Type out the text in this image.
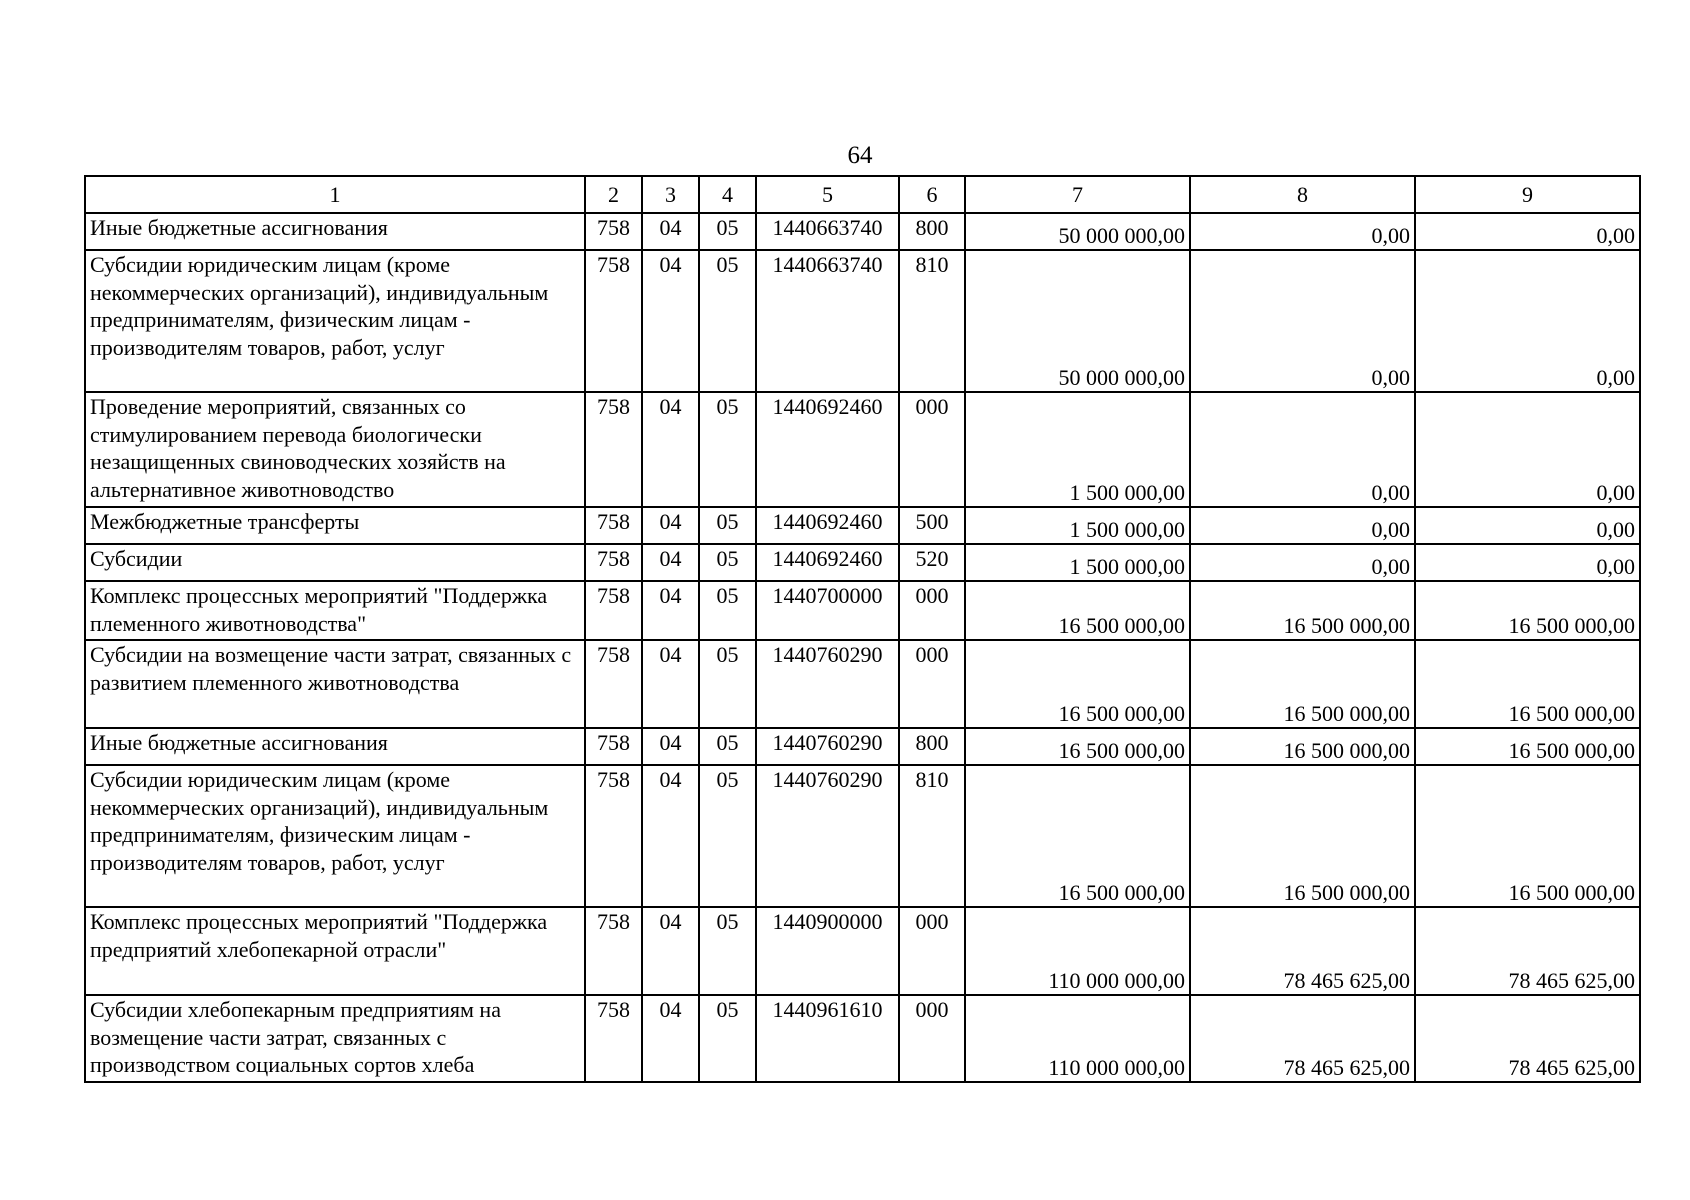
64
1	2	3	4	5	6	7	8	9
Иные бюджетные ассигнования	758	04	05	1440663740	800	50 000 000,00	0,00	0,00
Субсидии юридическим лицам (кроме некоммерческих организаций), индивидуальным предпринимателям, физическим лицам - производителям товаров, работ, услуг	758	04	05	1440663740	810	50 000 000,00	0,00	0,00
Проведение мероприятий, связанных со стимулированием перевода биологически незащищенных свиноводческих хозяйств на альтернативное животноводство	758	04	05	1440692460	000	1 500 000,00	0,00	0,00
Межбюджетные трансферты	758	04	05	1440692460	500	1 500 000,00	0,00	0,00
Субсидии	758	04	05	1440692460	520	1 500 000,00	0,00	0,00
Комплекс процессных мероприятий "Поддержка племенного животноводства"	758	04	05	1440700000	000	16 500 000,00	16 500 000,00	16 500 000,00
Субсидии на возмещение части затрат, связанных с развитием племенного животноводства	758	04	05	1440760290	000	16 500 000,00	16 500 000,00	16 500 000,00
Иные бюджетные ассигнования	758	04	05	1440760290	800	16 500 000,00	16 500 000,00	16 500 000,00
Субсидии юридическим лицам (кроме некоммерческих организаций), индивидуальным предпринимателям, физическим лицам - производителям товаров, работ, услуг	758	04	05	1440760290	810	16 500 000,00	16 500 000,00	16 500 000,00
Комплекс процессных мероприятий "Поддержка предприятий хлебопекарной отрасли"	758	04	05	1440900000	000	110 000 000,00	78 465 625,00	78 465 625,00
Субсидии хлебопекарным предприятиям на возмещение части затрат, связанных с производством социальных сортов хлеба	758	04	05	1440961610	000	110 000 000,00	78 465 625,00	78 465 625,00
